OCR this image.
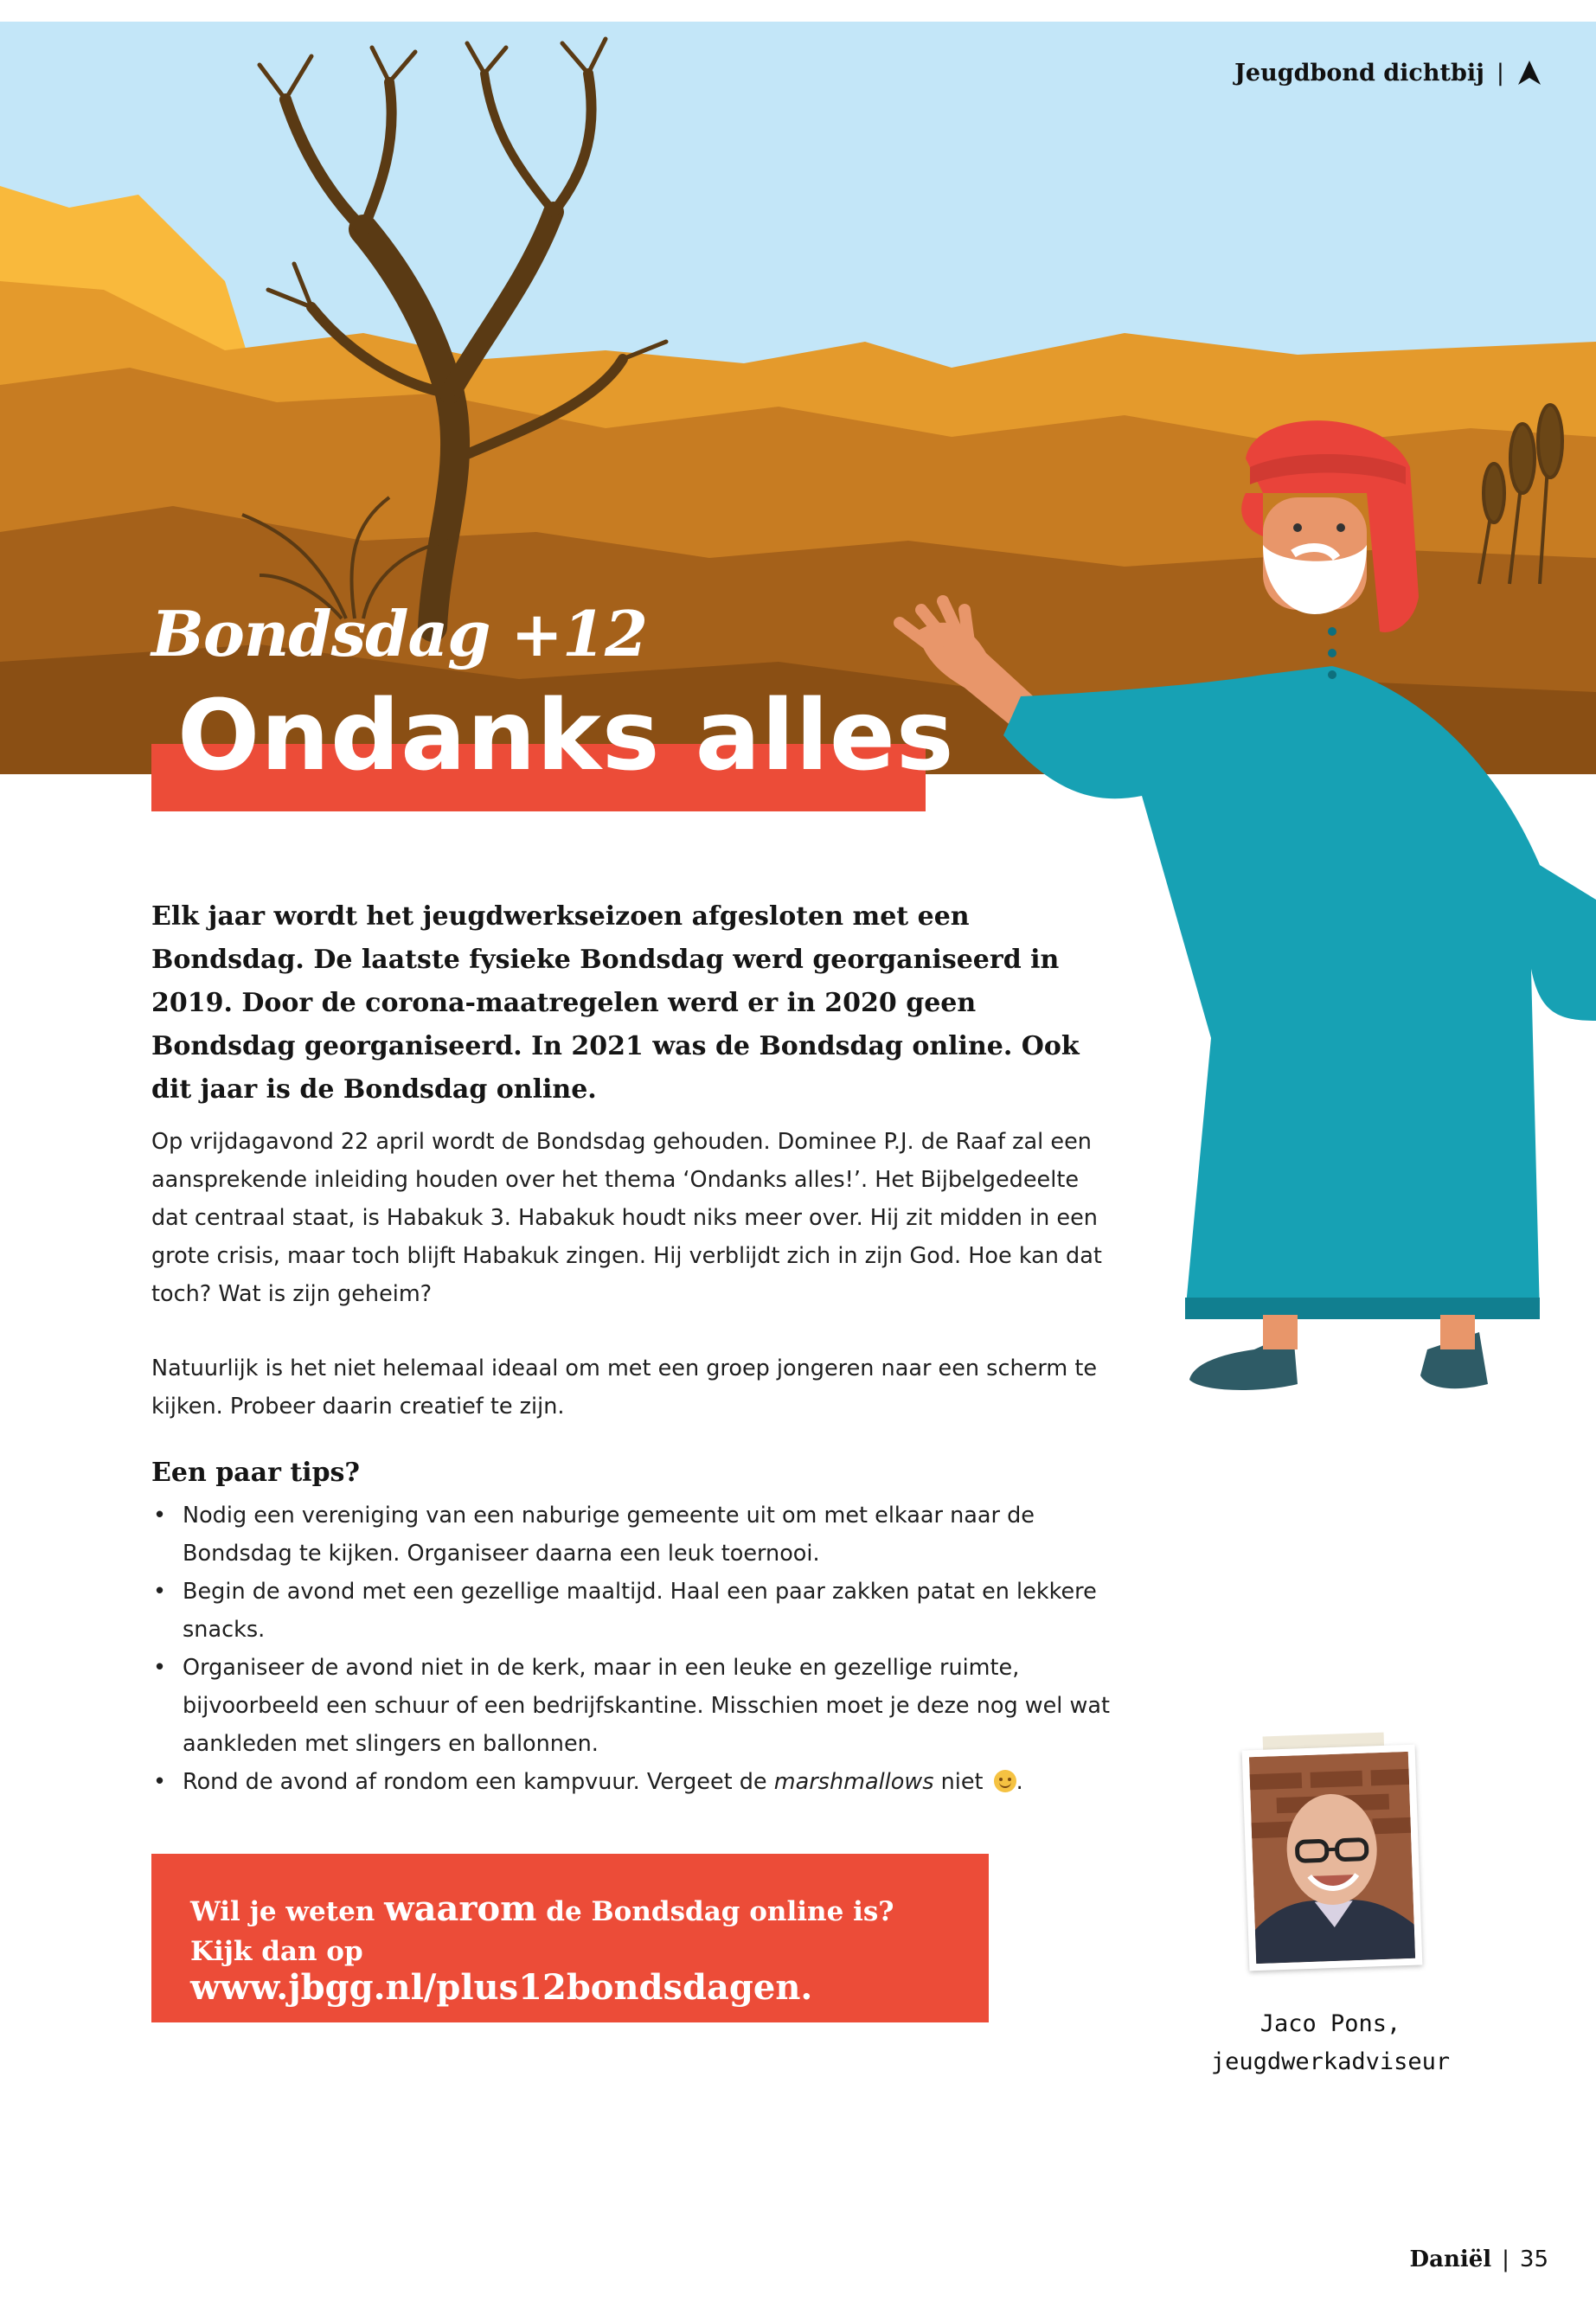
Jeugdbond dichtbij |
Bondsdag +12
Ondanks alles
Elk jaar wordt het jeugdwerkseizoen afgesloten met een Bondsdag. De laatste fysieke Bondsdag werd georganiseerd in 2019. Door de corona-maatregelen werd er in 2020 geen Bondsdag georganiseerd. In 2021 was de Bondsdag online. Ook dit jaar is de Bondsdag online.
Op vrijdagavond 22 april wordt de Bondsdag gehouden. Dominee P.J. de Raaf zal een aansprekende inleiding houden over het thema ‘Ondanks alles!’. Het Bijbelgedeelte dat centraal staat, is Habakuk 3. Habakuk houdt niks meer over. Hij zit midden in een grote crisis, maar toch blijft Habakuk zingen. Hij verblijdt zich in zijn God. Hoe kan dat toch? Wat is zijn geheim?
Natuurlijk is het niet helemaal ideaal om met een groep jongeren naar een scherm te kijken. Probeer daarin creatief te zijn.
Een paar tips?
• Nodig een vereniging van een naburige gemeente uit om met elkaar naar de Bondsdag te kijken. Organiseer daarna een leuk toernooi.
• Begin de avond met een gezellige maaltijd. Haal een paar zakken patat en lekkere snacks.
• Organiseer de avond niet in de kerk, maar in een leuke en gezellige ruimte, bijvoorbeeld een schuur of een bedrijfskantine. Misschien moet je deze nog wel wat aankleden met slingers en ballonnen.
• Rond de avond af rondom een kampvuur. Vergeet de marshmallows niet .
Wil je weten waarom de Bondsdag online is?
Kijk dan op www.jbgg.nl/plus12bondsdagen.
Jaco Pons,
jeugdwerkadviseur
Daniël | 35
